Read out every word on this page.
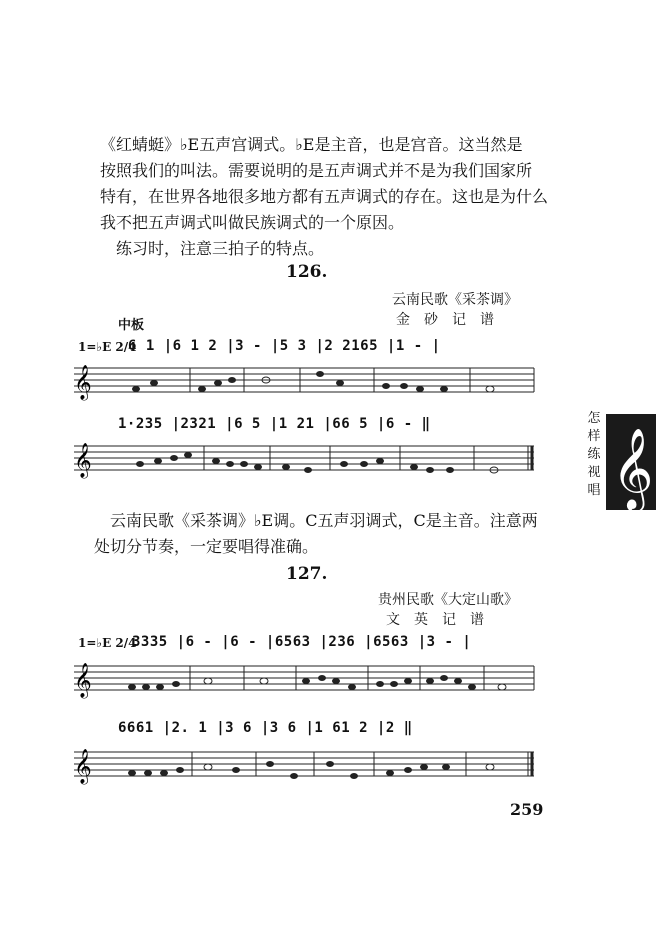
《红蜻蜓》♭E五声宫调式。♭E是主音，也是宫音。这当然是

按照我们的叫法。需要说明的是五声调式并不是为我们国家所

特有，在世界各地很多地方都有五声调式的存在。这也是为什么

我不把五声调式叫做民族调式的一个原因。

　练习时，注意三拍子的特点。

126.
云南民歌《采茶调》
金砂记谱
中板
1=♭E 2/4
6 1 |6 1 2 |3 - |5 3 |2 2165 |1 - |
𝄞
1·235 |2321 |6 5 |1 21 |66 5 |6 - ‖
𝄞

　云南民歌《采茶调》♭E调。C五声羽调式，C是主音。注意两

处切分节奏，一定要唱得准确。

127.
贵州民歌《大定山歌》
文英记谱
1=♭E 2/4
3335 |6 - |6 - |6563 |236 |6563 |3 - |
𝄞
6661 |2. 1 |3 6 |3 6 |1 61 2 |2 ‖
𝄞
怎
样
练
视
唱 𝄞
259
